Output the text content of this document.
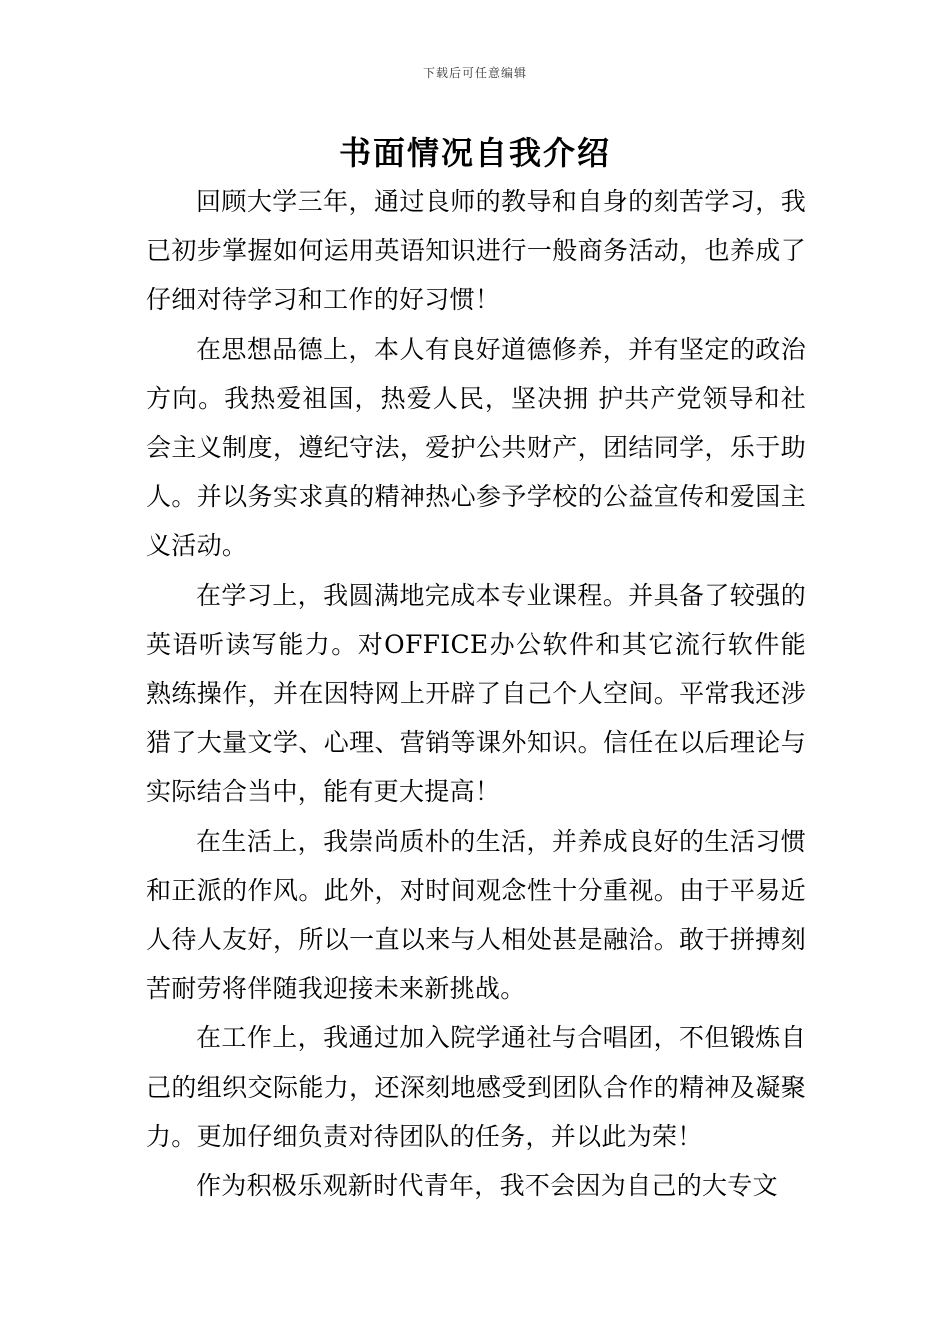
下载后可任意编辑
书面情况自我介绍

回顾大学三年，通过良师的教导和自身的刻苦学习，我已初步掌握如何运用英语知识进行一般商务活动，也养成了仔细对待学习和工作的好习惯！

在思想品德上，本人有良好道德修养，并有坚定的政治方向。我热爱祖国，热爱人民，坚决拥 护共产党领导和社会主义制度，遵纪守法，爱护公共财产，团结同学，乐于助人。并以务实求真的精神热心参予学校的公益宣传和爱国主义活动。

在学习上，我圆满地完成本专业课程。并具备了较强的英语听读写能力。对OFFICE办公软件和其它流行软件能熟练操作，并在因特网上开辟了自己个人空间。平常我还涉猎了大量文学、心理、营销等课外知识。信任在以后理论与实际结合当中，能有更大提高！

在生活上，我崇尚质朴的生活，并养成良好的生活习惯和正派的作风。此外，对时间观念性十分重视。由于平易近人待人友好，所以一直以来与人相处甚是融洽。敢于拼搏刻苦耐劳将伴随我迎接未来新挑战。

在工作上，我通过加入院学通社与合唱团，不但锻炼自己的组织交际能力，还深刻地感受到团队合作的精神及凝聚力。更加仔细负责对待团队的任务，并以此为荣！

作为积极乐观新时代青年，我不会因为自己的大专文
